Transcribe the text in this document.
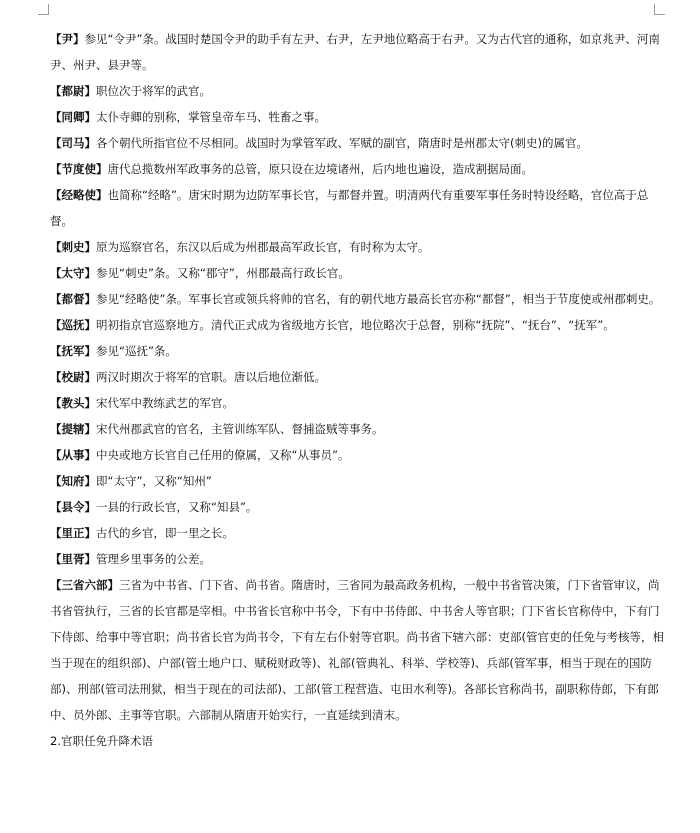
【 尹 】 参见“令尹”条。战国时楚国令尹的助手有左尹、右尹，左尹地位略高于右尹。又为古代官的通称，如京兆尹、河南尹、州尹、县尹等。

【 都尉 】 职位次于将军的武官。

【 同卿 】 太仆寺卿的别称，掌管皇帝车马、牲畜之事。

【 司马 】 各个朝代所指官位不尽相同。战国时为掌管军政、军赋的副官，隋唐时是州郡太守(刺史)的属官。

【 节度使 】 唐代总揽数州军政事务的总管，原只设在边境诸州，后内地也遍设，造成割据局面。

【 经略使 】 也简称“经略”。唐宋时期为边防军事长官，与都督并置。明清两代有重要军事任务时特设经略，官位高于总督。

【 刺史 】 原为巡察官名，东汉以后成为州郡最高军政长官，有时称为太守。

【 太守 】 参见“刺史”条。又称“郡守”，州郡最高行政长官。

【 都督 】 参见“经略使”条。军事长官或领兵将帅的官名，有的朝代地方最高长官亦称“都督”，相当于节度使或州郡刺史。

【 巡抚 】 明初指京官巡察地方。清代正式成为省级地方长官，地位略次于总督，别称“抚院”、“抚台”、“抚军”。

【 抚军 】 参见“巡抚”条。

【 校尉 】 两汉时期次于将军的官职。唐以后地位渐低。

【 教头 】 宋代军中教练武艺的军官。

【 提辖 】 宋代州郡武官的官名，主管训练军队、督捕盗贼等事务。

【 从事 】 中央或地方长官自己任用的僚属，又称“从事员”。

【 知府 】 即“太守”，又称“知州”

【 县令 】 一县的行政长官，又称“知县”。

【 里正 】 古代的乡官，即一里之长。

【 里胥 】 管理乡里事务的公差。

【 三省六部 】 三省为中书省、门下省、尚书省。隋唐时，三省同为最高政务机构，一般中书省管决策，门下省管审议，尚书省管执行，三省的长官都是宰相。中书省长官称中书令，下有中书侍郎、中书舍人等官职；门下省长官称侍中，下有门下侍郎、给事中等官职；尚书省长官为尚书令，下有左右仆射等官职。尚书省下辖六部：吏部(管官吏的任免与考核等，相当于现在的组织部)、户部(管土地户口、赋税财政等)、礼部(管典礼、科举、学校等)、兵部(管军事，相当于现在的国防部)、刑部(管司法刑狱，相当于现在的司法部)、工部(管工程营造、屯田水利等)。各部长官称尚书，副职称侍郎，下有郎中、员外郎、主事等官职。六部制从隋唐开始实行，一直延续到清末。

2.官职任免升降术语
